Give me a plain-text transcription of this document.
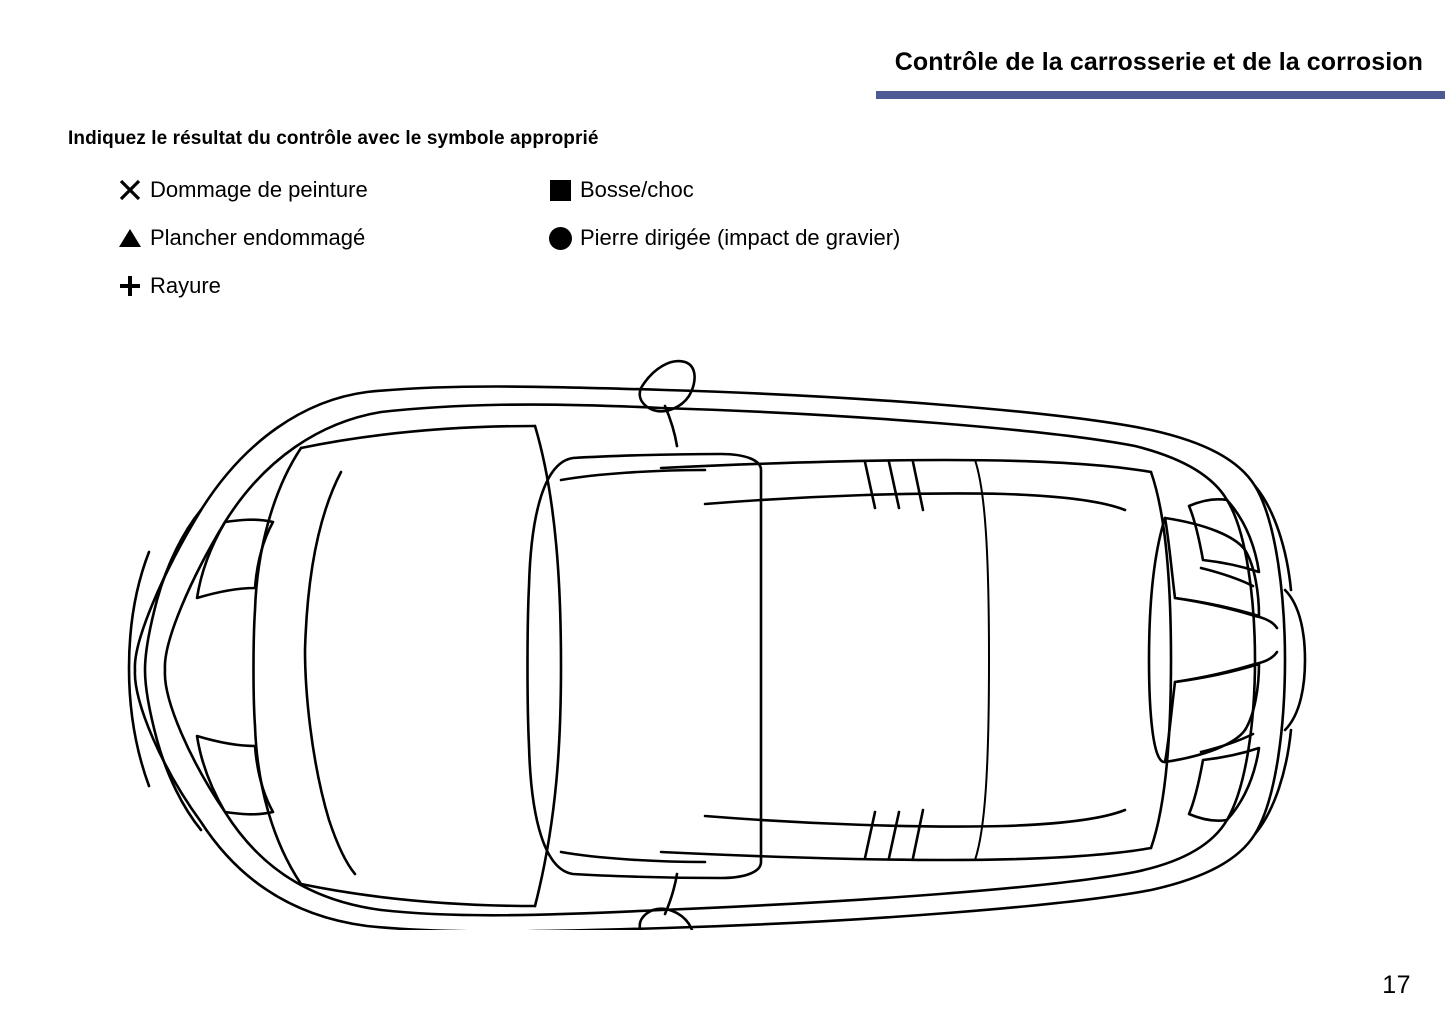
Contrôle de la carrosserie et de la corrosion
Indiquez le résultat du contrôle avec le symbole approprié
Dommage de peinture	Bosse/choc
Plancher endommagé	Pierre dirigée (impact de gravier)
Rayure
17
